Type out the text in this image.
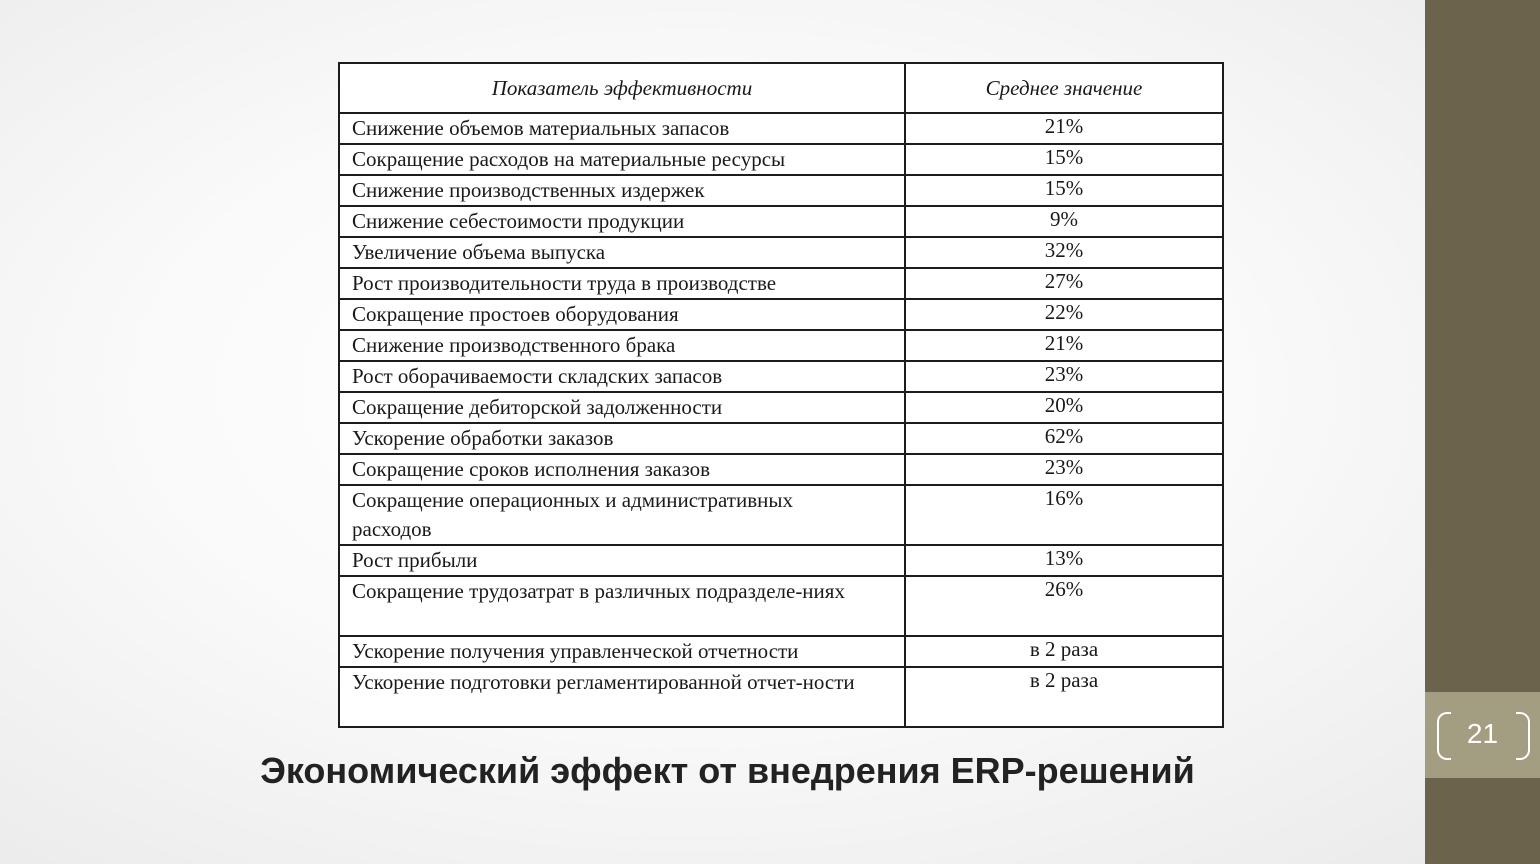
21
Показатель эффективности	Среднее значение
Снижение объемов материальных запасов	21%
Сокращение расходов на материальные ресурсы	15%
Снижение производственных издержек	15%
Снижение себестоимости продукции	9%
Увеличение объема выпуска	32%
Рост производительности труда в производстве	27%
Сокращение простоев оборудования	22%
Снижение производственного брака	21%
Рост оборачиваемости складских запасов	23%
Сокращение дебиторской задолженности	20%
Ускорение обработки заказов	62%
Сокращение сроков исполнения заказов	23%
Сокращение операционных и административных расходов	16%
Рост прибыли	13%
Сокращение трудозатрат в различных подразделе-ниях	26%
Ускорение получения управленческой отчетности	в 2 раза
Ускорение подготовки регламентированной отчет-ности	в 2 раза
Экономический эффект от внедрения ERP-решений
